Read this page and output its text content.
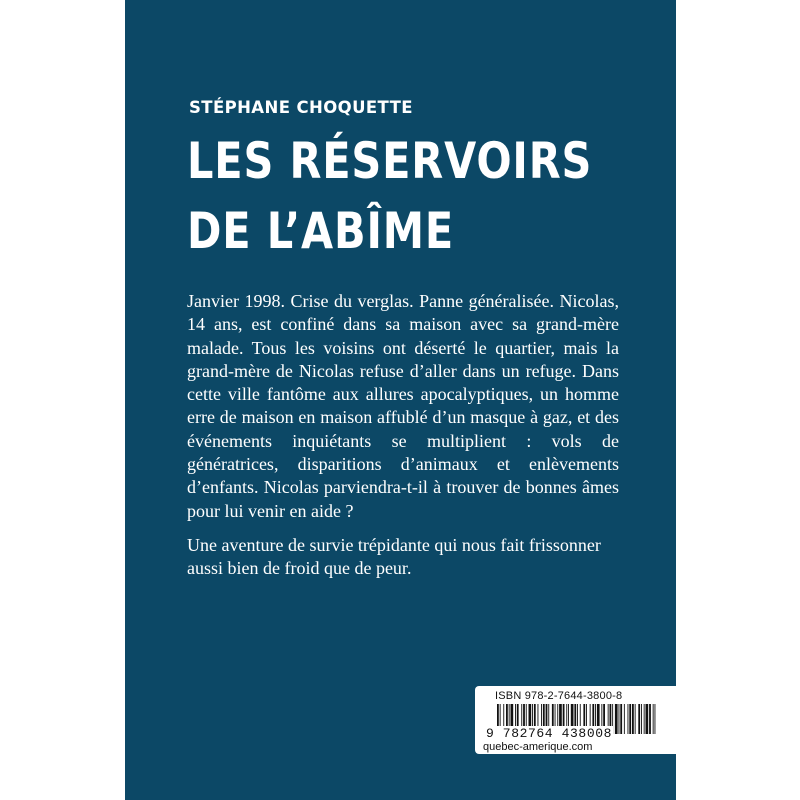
STÉPHANE CHOQUETTE
LES RÉSERVOIRS
DE L’ABÎME

Janvier 1998. Crise du verglas. Panne généralisée. Nicolas, 14 ans, est confiné dans sa maison avec sa grand-mère malade. Tous les voisins ont déserté le quartier, mais la grand-mère de Nicolas refuse d’aller dans un refuge. Dans cette ville fantôme aux allures apocalyptiques, un homme erre de maison en maison affublé d’un masque à gaz, et des événements inquiétants se multiplient : vols de génératrices, disparitions d’animaux et enlèvements d’enfants. Nicolas parviendra-t-il à trouver de bonnes âmes pour lui venir en aide ?

Une aventure de survie trépidante qui nous fait frissonner aussi bien de froid que de peur.

ISBN 978-2-7644-3800-8
9 782764 438008
quebec-amerique.com
